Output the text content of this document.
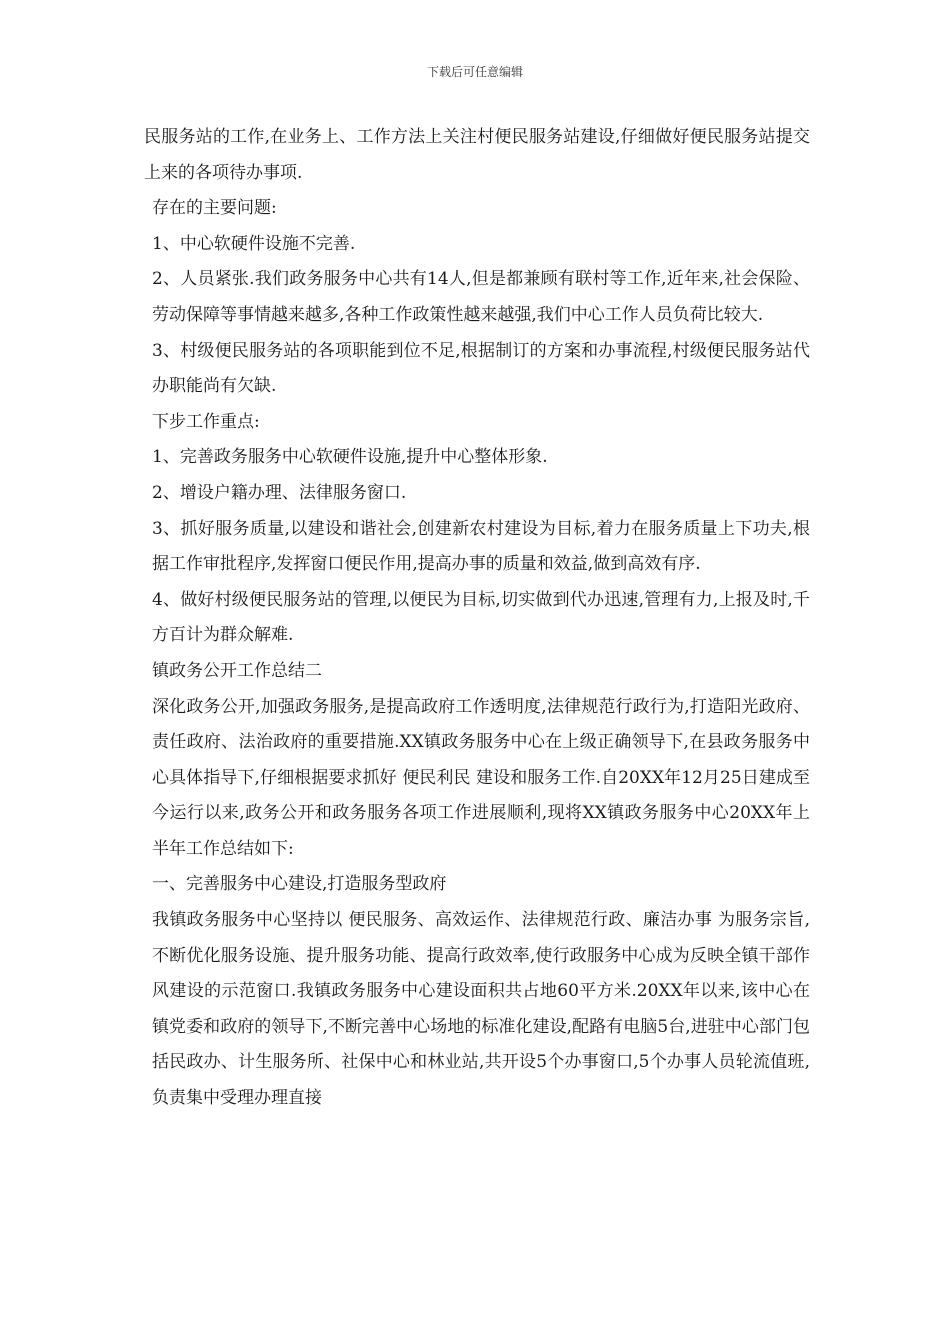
下载后可任意编辑

民服务站的工作,在业务上、工作方法上关注村便民服务站建设,仔细做好便民服务站提交上来的各项待办事项.

存在的主要问题:

1、中心软硬件设施不完善.

2、人员紧张.我们政务服务中心共有14人,但是都兼顾有联村等工作,近年来,社会保险、劳动保障等事情越来越多,各种工作政策性越来越强,我们中心工作人员负荷比较大.

3、村级便民服务站的各项职能到位不足,根据制订的方案和办事流程,村级便民服务站代办职能尚有欠缺.

下步工作重点:

1、完善政务服务中心软硬件设施,提升中心整体形象.

2、增设户籍办理、法律服务窗口.

3、抓好服务质量,以建设和谐社会,创建新农村建设为目标,着力在服务质量上下功夫,根据工作审批程序,发挥窗口便民作用,提高办事的质量和效益,做到高效有序.

4、做好村级便民服务站的管理,以便民为目标,切实做到代办迅速,管理有力,上报及时,千方百计为群众解难.

镇政务公开工作总结二

深化政务公开,加强政务服务,是提高政府工作透明度,法律规范行政行为,打造阳光政府、责任政府、法治政府的重要措施.XX镇政务服务中心在上级正确领导下,在县政务服务中心具体指导下,仔细根据要求抓好 便民利民 建设和服务工作.自20XX年12月25日建成至今运行以来,政务公开和政务服务各项工作进展顺利,现将XX镇政务服务中心20XX年上半年工作总结如下:

一、完善服务中心建设,打造服务型政府

我镇政务服务中心坚持以 便民服务、高效运作、法律规范行政、廉洁办事 为服务宗旨,不断优化服务设施、提升服务功能、提高行政效率,使行政服务中心成为反映全镇干部作风建设的示范窗口.我镇政务服务中心建设面积共占地60平方米.20XX年以来,该中心在镇党委和政府的领导下,不断完善中心场地的标准化建设,配路有电脑5台,进驻中心部门包括民政办、计生服务所、社保中心和林业站,共开设5个办事窗口,5个办事人员轮流值班,负责集中受理办理直接
